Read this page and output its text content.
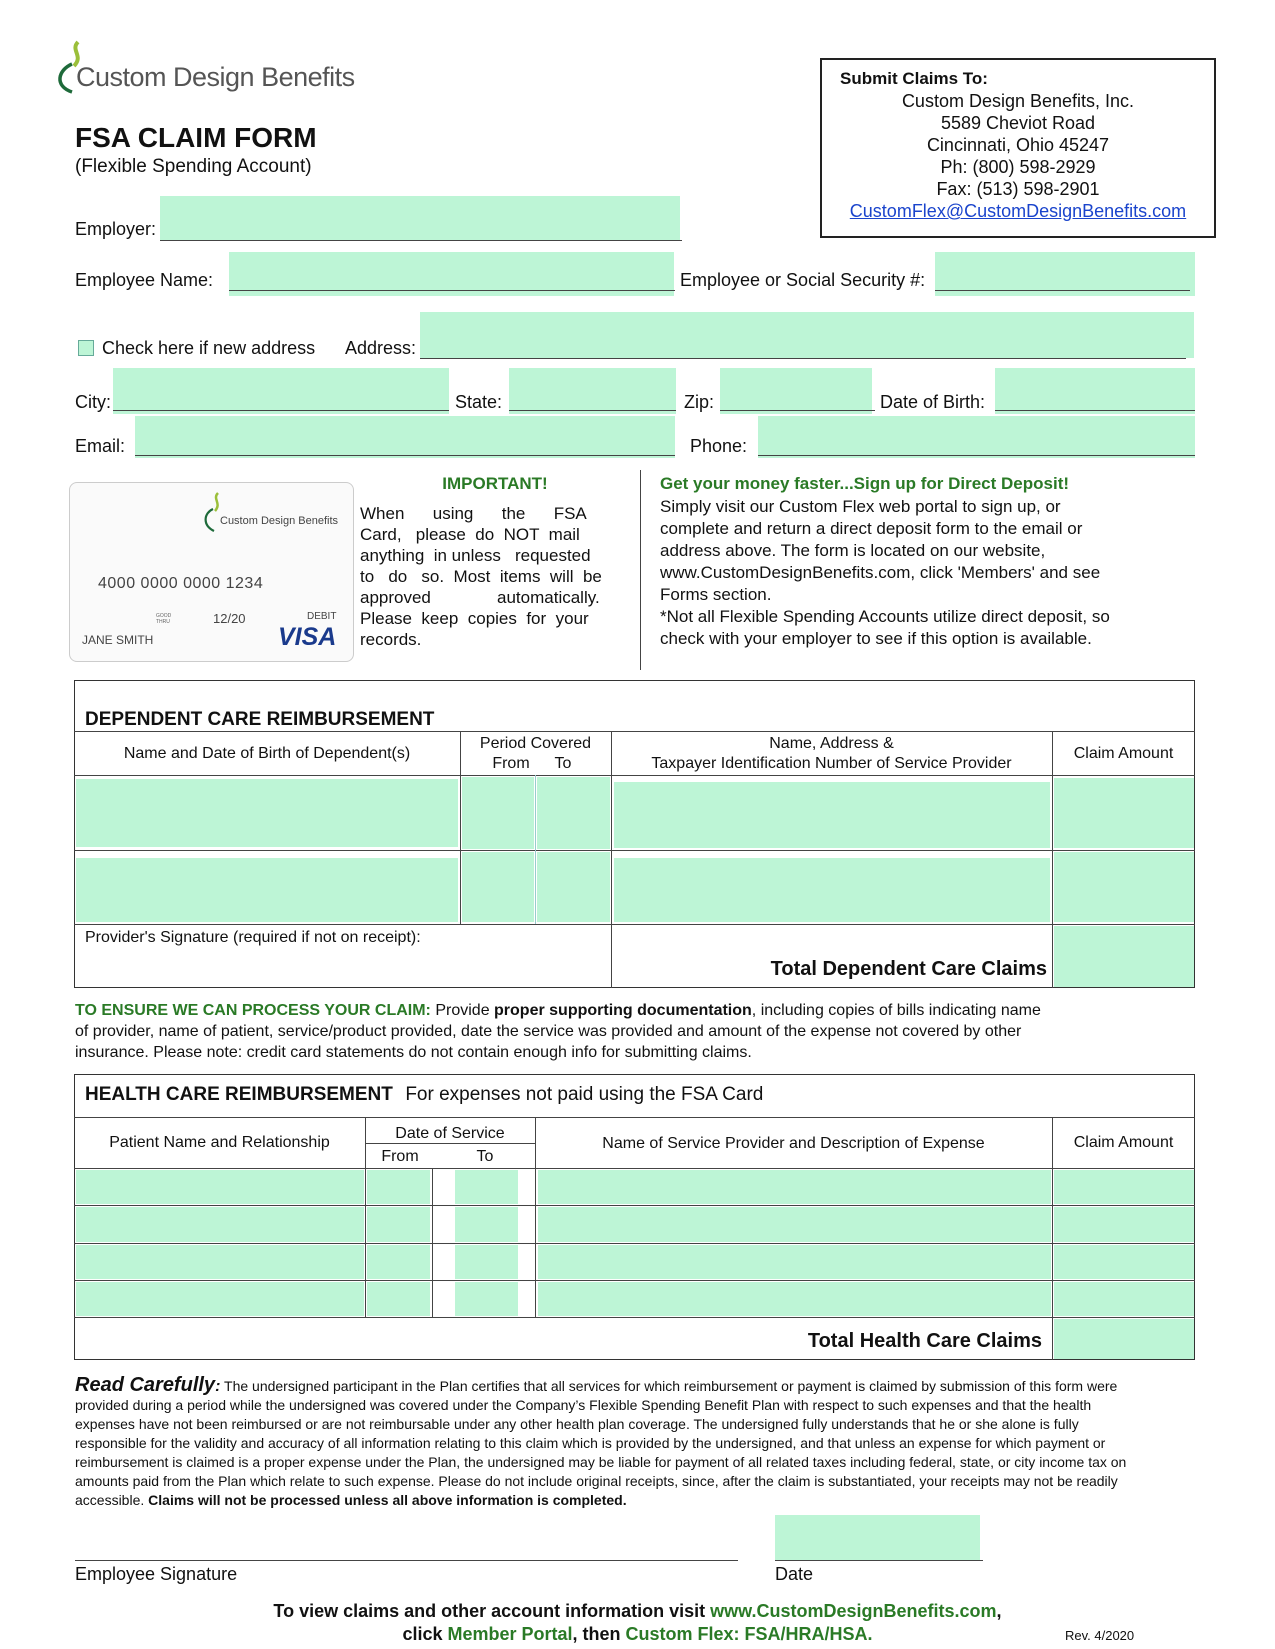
Custom Design Benefits
FSA CLAIM FORM
(Flexible Spending Account)
Submit Claims To:
Custom Design Benefits, Inc.
5589 Cheviot Road
Cincinnati, Ohio 45247
Ph: (800) 598-2929
Fax: (513) 598-2901
CustomFlex@CustomDesignBenefits.com
Employer:
Employee Name:	Employee or Social Security #:
Check here if new address Address:
City:	State:	Zip:	Date of Birth:
Email:	Phone:
Custom Design Benefits
4000 0000 0000 1234
GOOD THRU	12/20	DEBIT
JANE SMITH	VISA
IMPORTANT!
When      using      the      FSA
Card,   please  do  NOT  mail
anything  in unless   requested
to   do   so.  Most  items  will  be
approved              automatically.
Please  keep  copies  for  your
records.
Get your money faster...Sign up for Direct Deposit!
Simply visit our Custom Flex web portal to sign up, or
complete and return a direct deposit form to the email or
address above. The form is located on our website,
www.CustomDesignBenefits.com, click 'Members' and see
Forms section.
*Not all Flexible Spending Accounts utilize direct deposit, so
check with your employer to see if this option is available.
DEPENDENT CARE REIMBURSEMENT
Name and Date of Birth of Dependent(s)
Period Covered
From	To
Name, Address &
Taxpayer Identification Number of Service Provider
Claim Amount
Provider's Signature (required if not on receipt):
Total Dependent Care Claims
TO ENSURE WE CAN PROCESS YOUR CLAIM: Provide proper supporting documentation, including copies of bills indicating name
of provider, name of patient, service/product provided, date the service was provided and amount of the expense not covered by other
insurance. Please note: credit card statements do not contain enough info for submitting claims.
HEALTH CARE REIMBURSEMENT For expenses not paid using the FSA Card
Patient Name and Relationship
Date of Service
From	To
Name of Service Provider and Description of Expense	Claim Amount
Total Health Care Claims
Read Carefully: The undersigned participant in the Plan certifies that all services for which reimbursement or payment is claimed by submission of this form were
provided during a period while the undersigned was covered under the Company’s Flexible Spending Benefit Plan with respect to such expenses and that the health
expenses have not been reimbursed or are not reimbursable under any other health plan coverage. The undersigned fully understands that he or she alone is fully
responsible for the validity and accuracy of all information relating to this claim which is provided by the undersigned, and that unless an expense for which payment or
reimbursement is claimed is a proper expense under the Plan, the undersigned may be liable for payment of all related taxes including federal, state, or city income tax on
amounts paid from the Plan which relate to such expense. Please do not include original receipts, since, after the claim is substantiated, your receipts may not be readily
accessible. Claims will not be processed unless all above information is completed.
Employee Signature	Date
To view claims and other account information visit www.CustomDesignBenefits.com,
click Member Portal, then Custom Flex: FSA/HRA/HSA.	Rev. 4/2020
